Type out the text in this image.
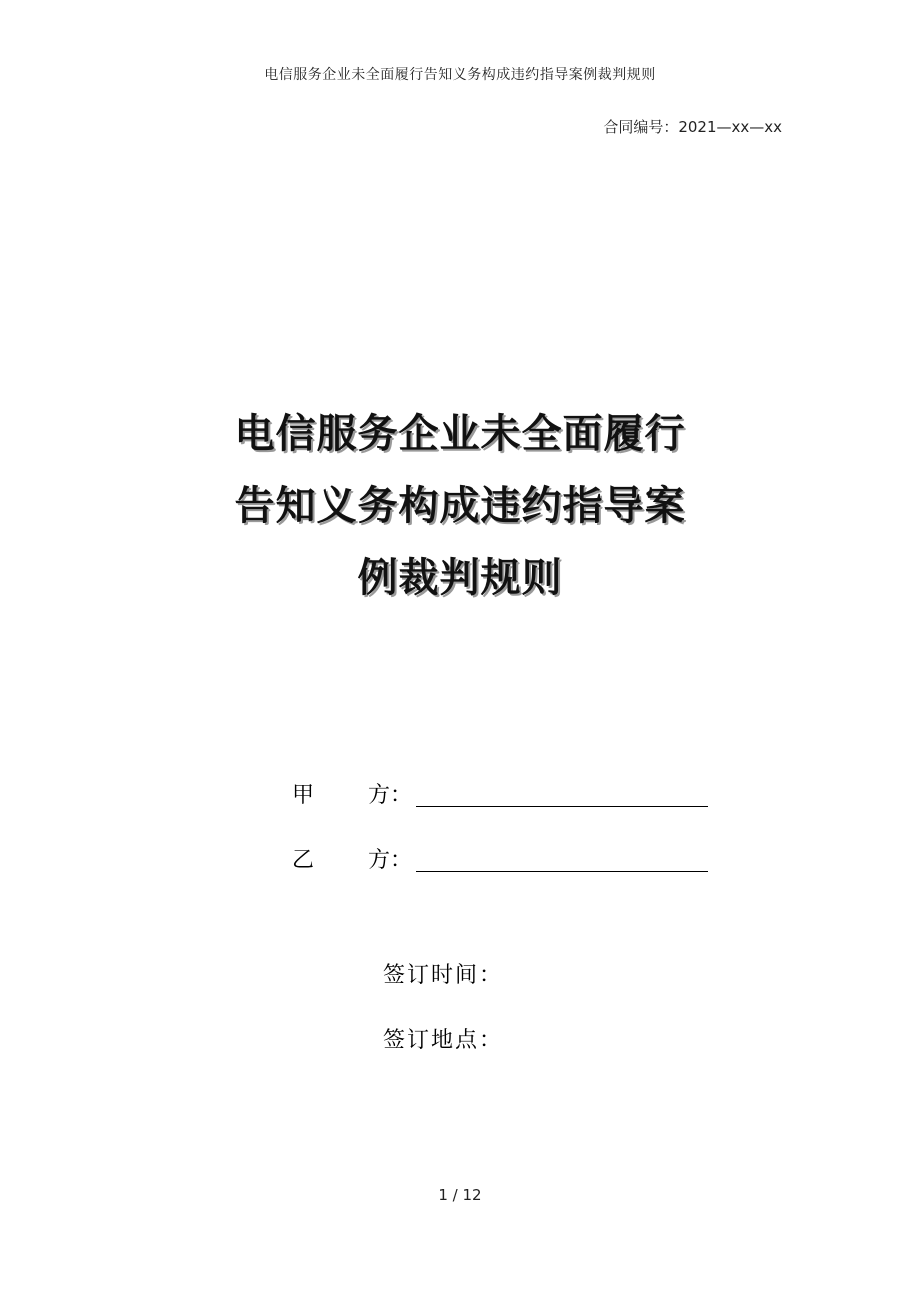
电信服务企业未全面履行告知义务构成违约指导案例裁判规则
合同编号：2021—xx—xx
电信服务企业未全面履行
告知义务构成违约指导案
例裁判规则
甲 方：
乙 方：
签订时间：
签订地点：
1 / 12
